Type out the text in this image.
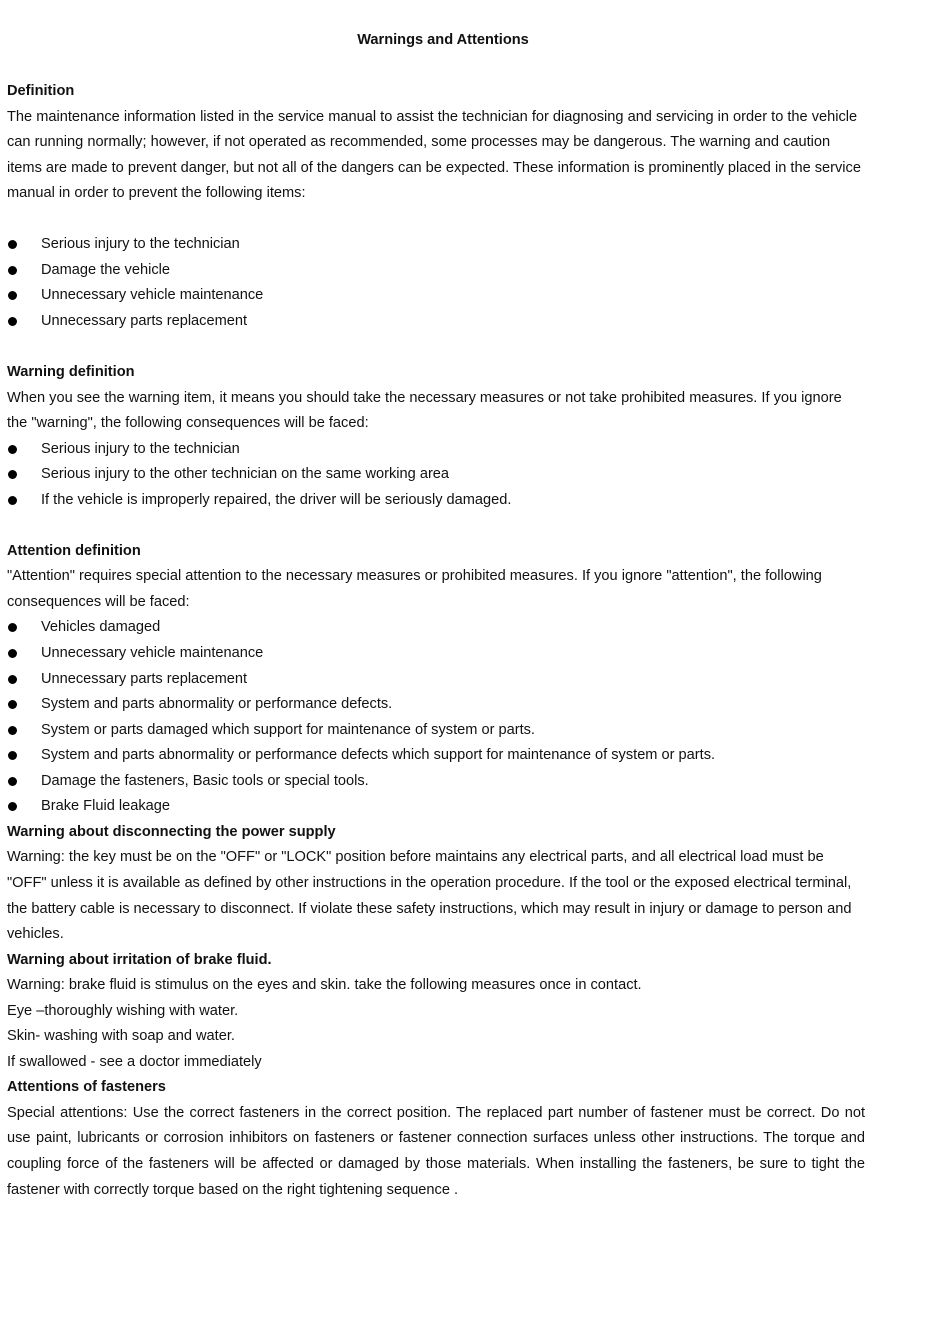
Warnings and Attentions
Definition

The maintenance information listed in the service manual to assist the technician for diagnosing and servicing in order to the vehicle can running normally; however, if not operated as recommended, some processes may be dangerous. The warning and caution items are made to prevent danger, but not all of the dangers can be expected. These information is prominently placed in the service manual in order to prevent the following items:

Serious injury to the technician
Damage the vehicle
Unnecessary vehicle maintenance
Unnecessary parts replacement
Warning definition

When you see the warning item, it means you should take the necessary measures or not take prohibited measures. If you ignore the "warning", the following consequences will be faced:

Serious injury to the technician
Serious injury to the other technician on the same working area
If the vehicle is improperly repaired, the driver will be seriously damaged.
Attention definition

"Attention" requires special attention to the necessary measures or prohibited measures. If you ignore "attention", the following consequences will be faced:

Vehicles damaged
Unnecessary vehicle maintenance
Unnecessary parts replacement
System and parts abnormality or performance defects.
System or parts damaged which support for maintenance of system or parts.
System and parts abnormality or performance defects which support for maintenance of system or parts.
Damage the fasteners, Basic tools or special tools.
Brake Fluid leakage
Warning about disconnecting the power supply

Warning: the key must be on the "OFF" or "LOCK" position before maintains any electrical parts, and all electrical load must be "OFF" unless it is available as defined by other instructions in the operation procedure. If the tool or the exposed electrical terminal, the battery cable is necessary to disconnect. If violate these safety instructions, which may result in injury or damage to person and vehicles.

Warning about irritation of brake fluid.
Warning: brake fluid is stimulus on the eyes and skin. take the following measures once in contact.
Eye –thoroughly wishing with water.
Skin- washing with soap and water.
If swallowed - see a doctor immediately
Attentions of fasteners

Special attentions: Use the correct fasteners in the correct position. The replaced part number of fastener must be correct. Do not use paint, lubricants or corrosion inhibitors on fasteners or fastener connection surfaces unless other instructions. The torque and coupling force of the fasteners will be affected or damaged by those materials. When installing the fasteners, be sure to tight the fastener with correctly torque based on the right tightening sequence .
